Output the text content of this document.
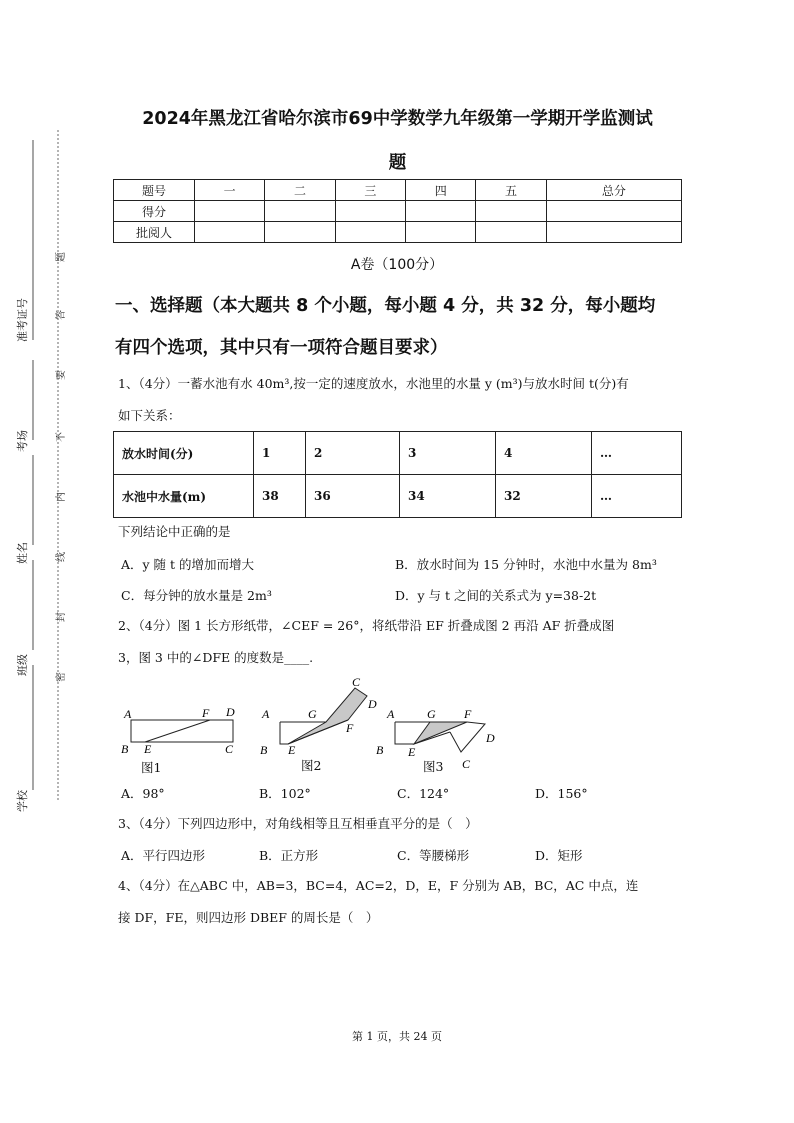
准考证号
考场
姓名
班级
学校
题
答
要
不
内
线
封
密
2024年黑龙江省哈尔滨市69中学数学九年级第一学期开学监测试
题
题号	一	二	三	四	五	总分
得分						
批阅人						
A卷（100分）
一、选择题（本大题共 8 个小题，每小题 4 分，共 32 分，每小题均
有四个选项，其中只有一项符合题目要求）
1、（4分）一蓄水池有水 40m³,按一定的速度放水，水池里的水量 y (m³)与放水时间 t(分)有
如下关系：
放水时间(分)	1	2	3	4	…
水池中水量(m)	38	36	34	32	…
下列结论中正确的是
A．y 随 t 的增加而增大	B．放水时间为 15 分钟时，水池中水量为 8m³
C．每分钟的放水量是 2m³	D．y 与 t 之间的关系式为 y=38-2t
2、（4分）图 1 长方形纸带，∠CEF = 26°，将纸带沿 EF 折叠成图 2 再沿 AF 折叠成图
3，图 3 中的∠DFE 的度数是____.
A	F D
B E	C
A	G
C
D
F
B E
A	G F
D
C
B E
图1	图2	图3
A．98°	B．102°	C．124°	D．156°
3、（4分）下列四边形中，对角线相等且互相垂直平分的是（　）
A．平行四边形	B．正方形	C．等腰梯形	D．矩形
4、（4分）在△ABC 中，AB=3，BC=4，AC=2，D，E，F 分别为 AB，BC，AC 中点，连
接 DF，FE，则四边形 DBEF 的周长是（　）
第 1 页，共 24 页
